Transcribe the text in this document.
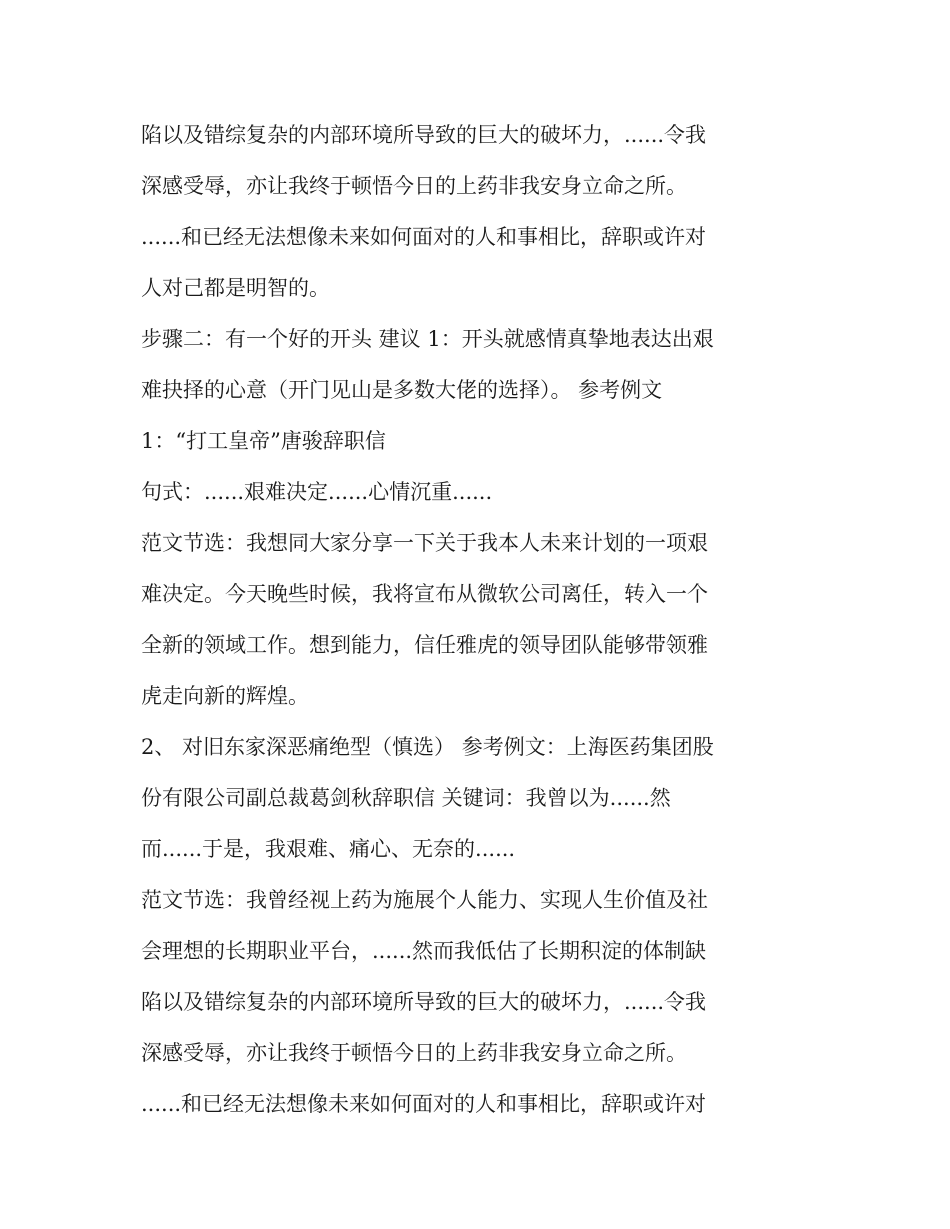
陷以及错综复杂的内部环境所导致的巨大的破坏力，......令我
深感受辱，亦让我终于顿悟今日的上药非我安身立命之所。
......和已经无法想像未来如何面对的人和事相比，辞职或许对
人对己都是明智的。
步骤二：有一个好的开头 建议 1：开头就感情真挚地表达出艰
难抉择的心意（开门见山是多数大佬的选择）。 参考例文
1：“打工皇帝”唐骏辞职信
句式：......艰难决定......心情沉重......
范文节选：我想同大家分享一下关于我本人未来计划的一项艰
难决定。今天晚些时候，我将宣布从微软公司离任，转入一个
全新的领域工作。想到能力，信任雅虎的领导团队能够带领雅
虎走向新的辉煌。
2、 对旧东家深恶痛绝型（慎选） 参考例文：上海医药集团股
份有限公司副总裁葛剑秋辞职信 关键词：我曾以为......然
而......于是，我艰难、痛心、无奈的......
范文节选：我曾经视上药为施展个人能力、实现人生价值及社
会理想的长期职业平台，......然而我低估了长期积淀的体制缺
陷以及错综复杂的内部环境所导致的巨大的破坏力，......令我
深感受辱，亦让我终于顿悟今日的上药非我安身立命之所。
......和已经无法想像未来如何面对的人和事相比，辞职或许对
